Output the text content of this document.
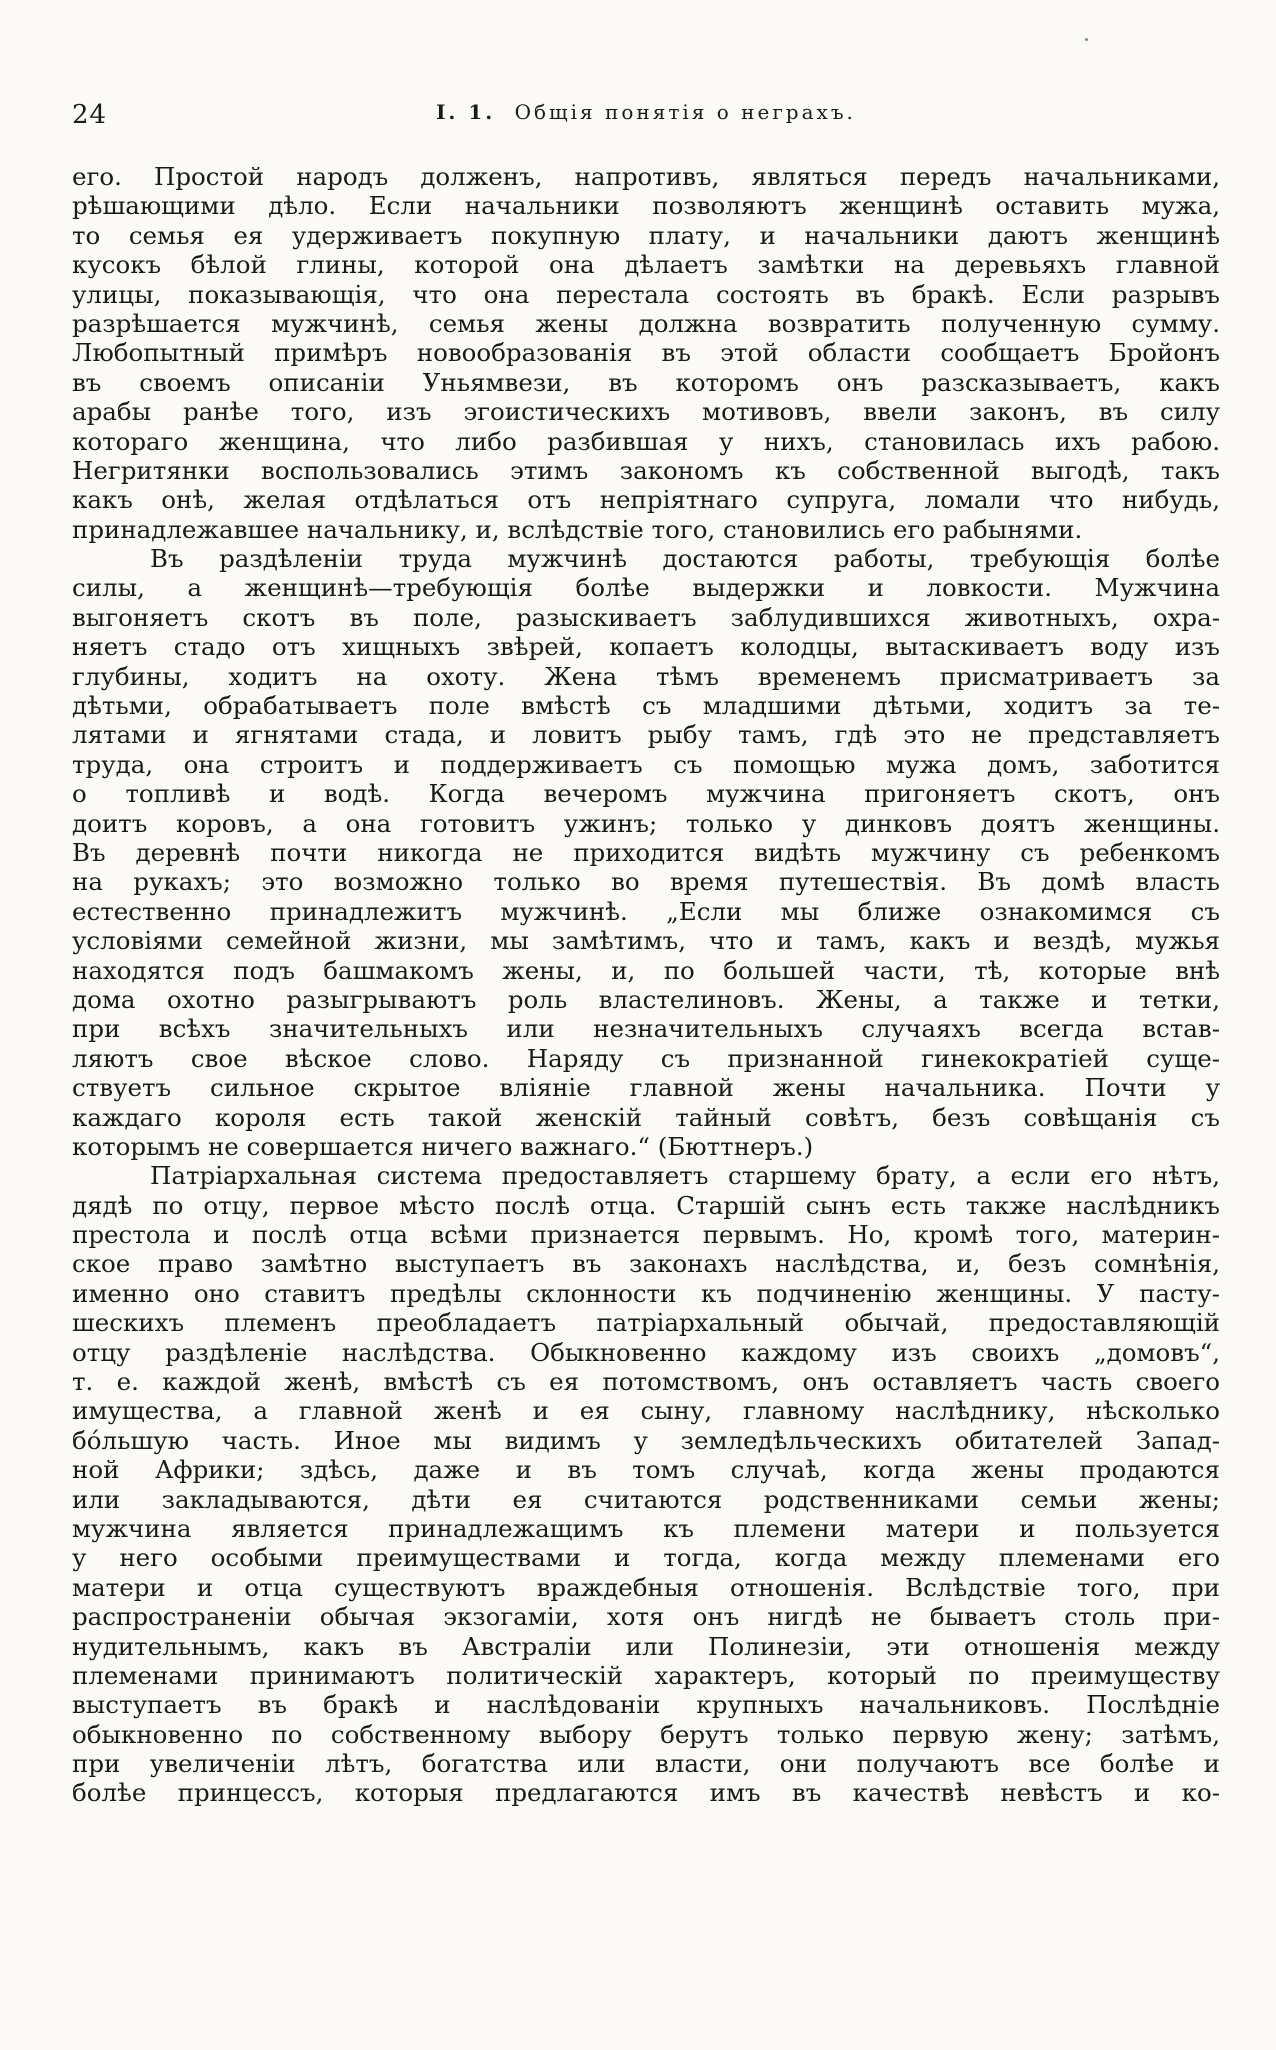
24	I. 1. Общія понятія о неграхъ.
его. Простой народъ долженъ, напротивъ, являться передъ начальниками,
рѣшающими дѣло. Если начальники позволяютъ женщинѣ оставить мужа,
то семья ея удерживаетъ покупную плату, и начальники даютъ женщинѣ
кусокъ бѣлой глины, которой она дѣлаетъ замѣтки на деревьяхъ главной
улицы, показывающія, что она перестала состоять въ бракѣ. Если разрывъ
разрѣшается мужчинѣ, семья жены должна возвратить полученную сумму.
Любопытный примѣръ новообразованія въ этой области сообщаетъ Бройонъ
въ своемъ описаніи Уньямвези, въ которомъ онъ разсказываетъ, какъ
арабы ранѣе того, изъ эгоистическихъ мотивовъ, ввели законъ, въ силу
котораго женщина, что либо разбившая у нихъ, становилась ихъ рабою.
Негритянки воспользовались этимъ закономъ къ собственной выгодѣ, такъ
какъ онѣ, желая отдѣлаться отъ непріятнаго супруга, ломали что нибудь,
принадлежавшее начальнику, и, вслѣдствіе того, становились его рабынями.
Въ раздѣленіи труда мужчинѣ достаются работы, требующія болѣе
силы, а женщинѣ—требующія болѣе выдержки и ловкости. Мужчина
выгоняетъ скотъ въ поле, разыскиваетъ заблудившихся животныхъ, охра-
няетъ стадо отъ хищныхъ звѣрей, копаетъ колодцы, вытаскиваетъ воду изъ
глубины, ходитъ на охоту. Жена тѣмъ временемъ присматриваетъ за
дѣтьми, обрабатываетъ поле вмѣстѣ съ младшими дѣтьми, ходитъ за те-
лятами и ягнятами стада, и ловитъ рыбу тамъ, гдѣ это не представляетъ
труда, она строитъ и поддерживаетъ съ помощью мужа домъ, заботится
о топливѣ и водѣ. Когда вечеромъ мужчина пригоняетъ скотъ, онъ
доитъ коровъ, а она готовитъ ужинъ; только у динковъ доятъ женщины.
Въ деревнѣ почти никогда не приходится видѣть мужчину съ ребенкомъ
на рукахъ; это возможно только во время путешествія. Въ домѣ власть
естественно принадлежитъ мужчинѣ. „Если мы ближе ознакомимся съ
условіями семейной жизни, мы замѣтимъ, что и тамъ, какъ и вездѣ, мужья
находятся подъ башмакомъ жены, и, по большей части, тѣ, которые внѣ
дома охотно разыгрываютъ роль властелиновъ. Жены, а также и тетки,
при всѣхъ значительныхъ или незначительныхъ случаяхъ всегда встав-
ляютъ свое вѣское слово. Наряду съ признанной гинекократіей суще-
ствуетъ сильное скрытое вліяніе главной жены начальника. Почти у
каждаго короля есть такой женскій тайный совѣтъ, безъ совѣщанія съ
которымъ не совершается ничего важнаго.“ (Бюттнеръ.)
Патріархальная система предоставляетъ старшему брату, а если его нѣтъ,
дядѣ по отцу, первое мѣсто послѣ отца. Старшій сынъ есть также наслѣдникъ
престола и послѣ отца всѣми признается первымъ. Но, кромѣ того, материн-
ское право замѣтно выступаетъ въ законахъ наслѣдства, и, безъ сомнѣнія,
именно оно ставитъ предѣлы склонности къ подчиненію женщины. У пасту-
шескихъ племенъ преобладаетъ патріархальный обычай, предоставляющій
отцу раздѣленіе наслѣдства. Обыкновенно каждому изъ своихъ „домовъ“,
т. е. каждой женѣ, вмѣстѣ съ ея потомствомъ, онъ оставляетъ часть своего
имущества, а главной женѣ и ея сыну, главному наслѣднику, нѣсколько
бо́льшую часть. Иное мы видимъ у земледѣльческихъ обитателей Запад-
ной Африки; здѣсь, даже и въ томъ случаѣ, когда жены продаются
или закладываются, дѣти ея считаются родственниками семьи жены;
мужчина является принадлежащимъ къ племени матери и пользуется
у него особыми преимуществами и тогда, когда между племенами его
матери и отца существуютъ враждебныя отношенія. Вслѣдствіе того, при
распространеніи обычая экзогаміи, хотя онъ нигдѣ не бываетъ столь при-
нудительнымъ, какъ въ Австраліи или Полинезіи, эти отношенія между
племенами принимаютъ политическій характеръ, который по преимуществу
выступаетъ въ бракѣ и наслѣдованіи крупныхъ начальниковъ. Послѣдніе
обыкновенно по собственному выбору берутъ только первую жену; затѣмъ,
при увеличеніи лѣтъ, богатства или власти, они получаютъ все болѣе и
болѣе принцессъ, которыя предлагаются имъ въ качествѣ невѣстъ и ко-
